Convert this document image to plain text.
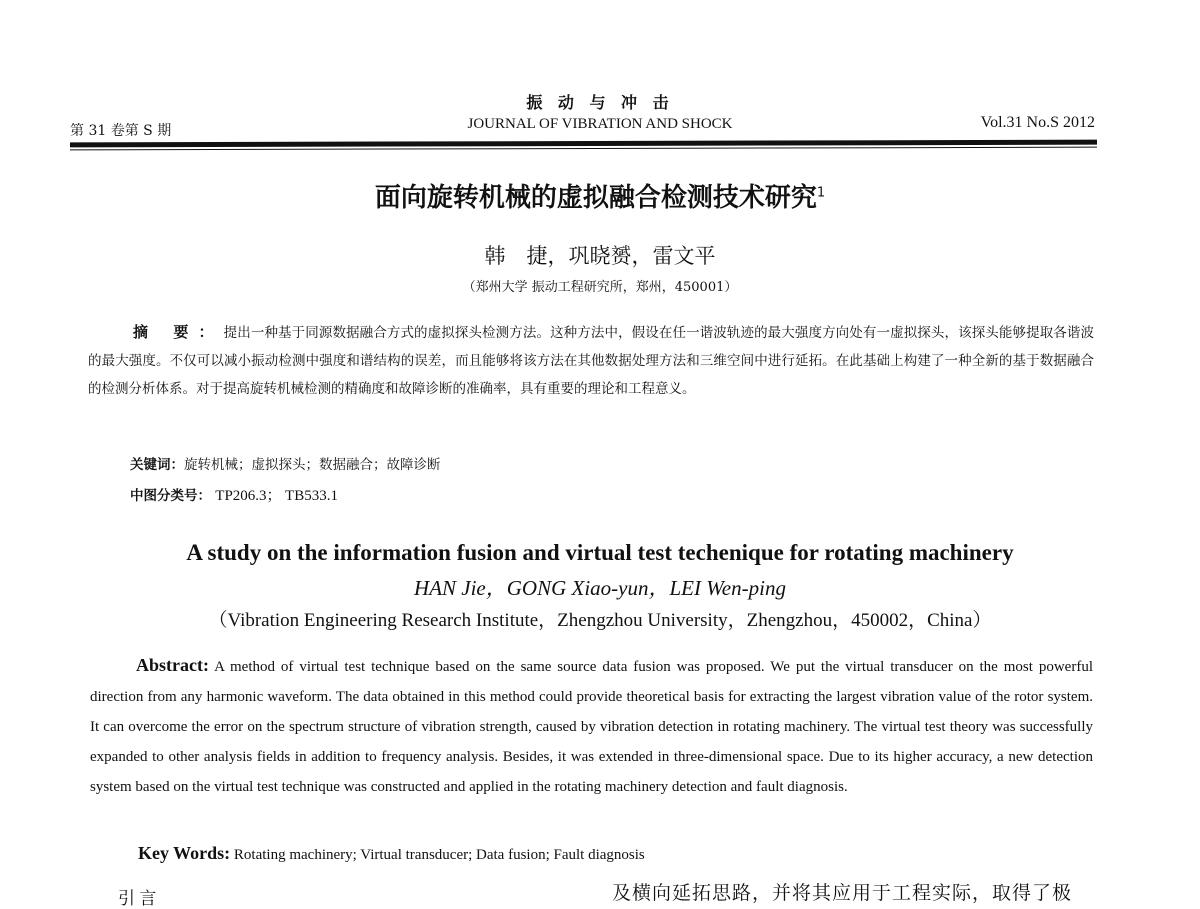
振 动 与 冲 击
第 31 卷第 S 期	JOURNAL OF VIBRATION AND SHOCK	Vol.31 No.S 2012
面向旋转机械的虚拟融合检测技术研究$^1$
韩　捷，巩晓赟，雷文平
（郑州大学 振动工程研究所，郑州，450001）
摘 要：提出一种基于同源数据融合方式的虚拟探头检测方法。这种方法中，假设在任一谐波轨迹的最大强度方向处有一虚拟探头，该探头能够提取各谐波的最大强度。不仅可以减小振动检测中强度和谱结构的误差，而且能够将该方法在其他数据处理方法和三维空间中进行延拓。在此基础上构建了一种全新的基于数据融合的检测分析体系。对于提高旋转机械检测的精确度和故障诊断的准确率，具有重要的理论和工程意义。
关键词：旋转机械；虚拟探头；数据融合；故障诊断
中图分类号： TP206.3； TB533.1
A study on the information fusion and virtual test techenique for rotating machinery
HAN Jie，GONG Xiao-yun，LEI Wen-ping
（Vibration Engineering Research Institute，Zhengzhou University，Zhengzhou，450002，China）
Abstract: A method of virtual test technique based on the same source data fusion was proposed. We put the virtual transducer on the most powerful direction from any harmonic waveform. The data obtained in this method could provide theoretical basis for extracting the largest vibration value of the rotor system. It can overcome the error on the spectrum structure of vibration strength, caused by vibration detection in rotating machinery. The virtual test theory was successfully expanded to other analysis fields in addition to frequency analysis. Besides, it was extended in three-dimensional space. Due to its higher accuracy, a new detection system based on the virtual test technique was constructed and applied in the rotating machinery detection and fault diagnosis.
Key Words: Rotating machinery; Virtual transducer; Data fusion; Fault diagnosis
引 言	及横向延拓思路，并将其应用于工程实际，取得了极
